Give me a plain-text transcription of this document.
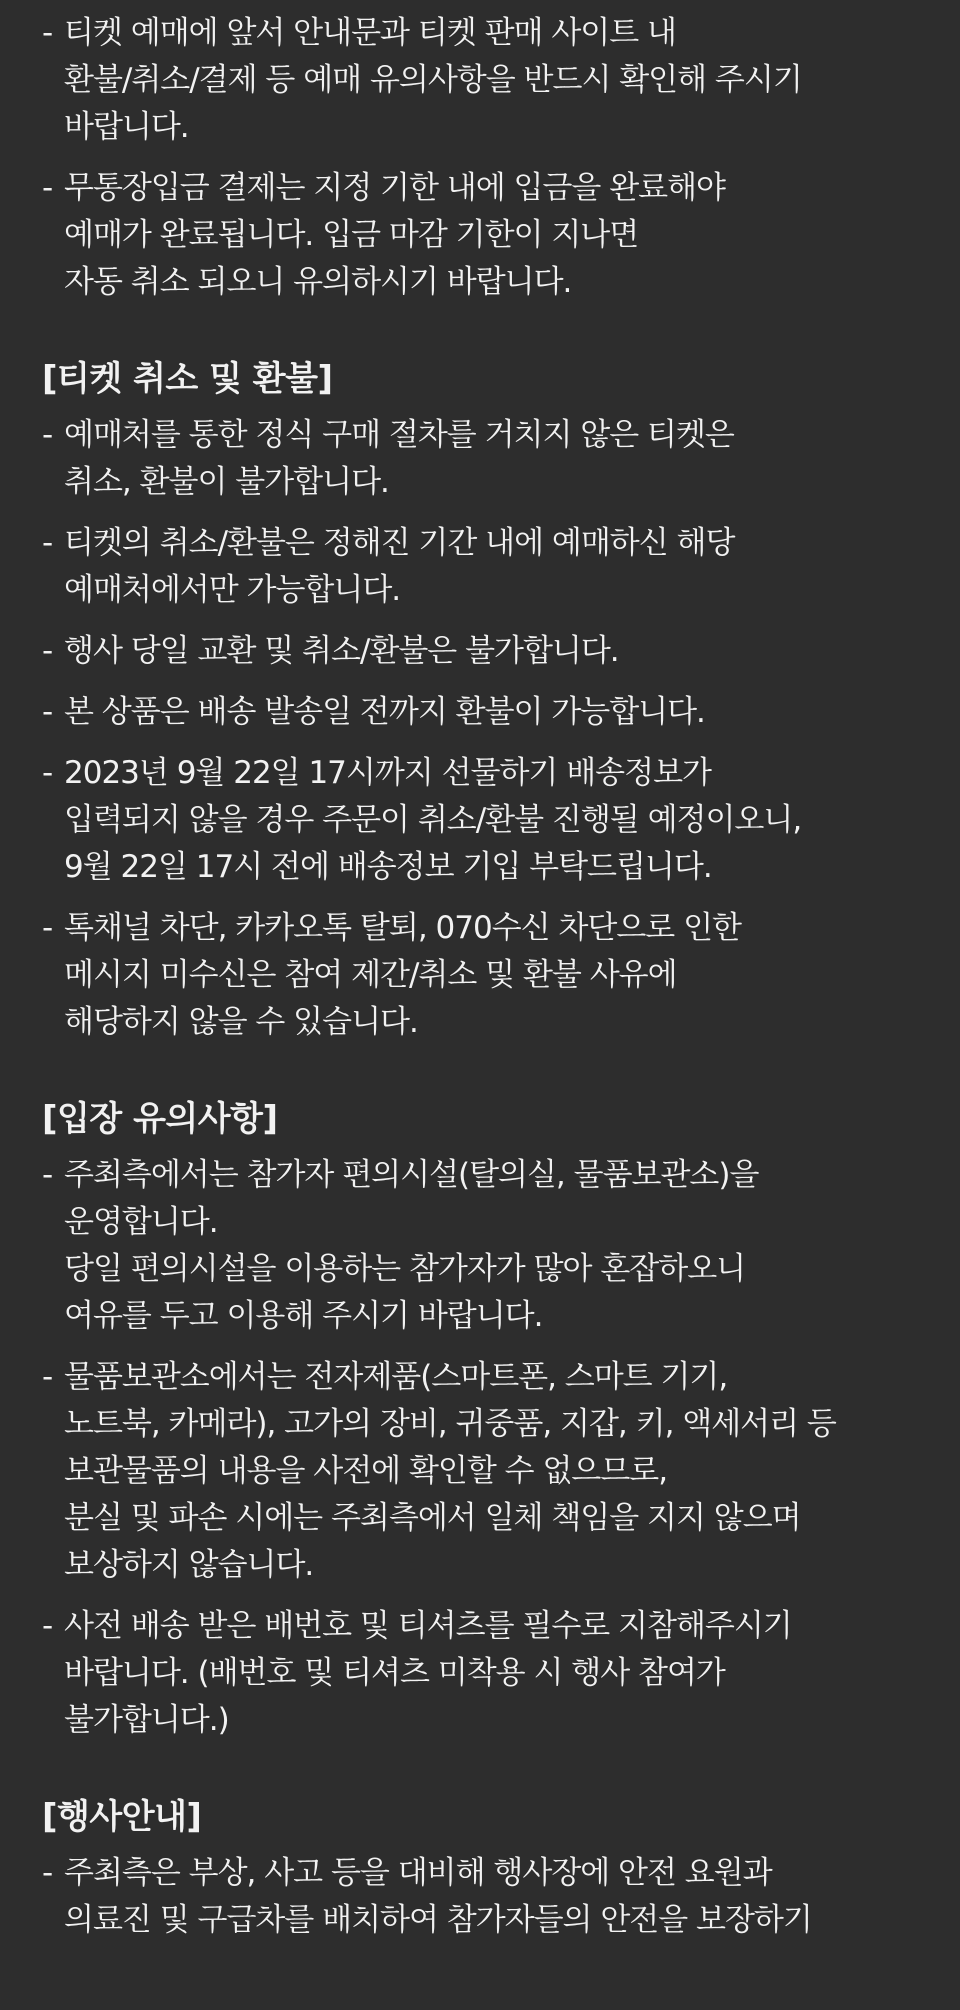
- 티켓 예매에 앞서 안내문과 티켓 판매 사이트 내
환불/취소/결제 등 예매 유의사항을 반드시 확인해 주시기
바랍니다.
- 무통장입금 결제는 지정 기한 내에 입금을 완료해야
예매가 완료됩니다. 입금 마감 기한이 지나면
자동 취소 되오니 유의하시기 바랍니다.
[티켓 취소 및 환불]
- 예매처를 통한 정식 구매 절차를 거치지 않은 티켓은
취소, 환불이 불가합니다.
- 티켓의 취소/환불은 정해진 기간 내에 예매하신 해당
예매처에서만 가능합니다.
- 행사 당일 교환 및 취소/환불은 불가합니다.
- 본 상품은 배송 발송일 전까지 환불이 가능합니다.
- 2023년 9월 22일 17시까지 선물하기 배송정보가
입력되지 않을 경우 주문이 취소/환불 진행될 예정이오니,
9월 22일 17시 전에 배송정보 기입 부탁드립니다.
- 톡채널 차단, 카카오톡 탈퇴, 070수신 차단으로 인한
메시지 미수신은 참여 제간/취소 및 환불 사유에
해당하지 않을 수 있습니다.
[입장 유의사항]
- 주최측에서는 참가자 편의시설(탈의실, 물품보관소)을
운영합니다.
당일 편의시설을 이용하는 참가자가 많아 혼잡하오니
여유를 두고 이용해 주시기 바랍니다.
- 물품보관소에서는 전자제품(스마트폰, 스마트 기기,
노트북, 카메라), 고가의 장비, 귀중품, 지갑, 키, 액세서리 등
보관물품의 내용을 사전에 확인할 수 없으므로,
분실 및 파손 시에는 주최측에서 일체 책임을 지지 않으며
보상하지 않습니다.
- 사전 배송 받은 배번호 및 티셔츠를 필수로 지참해주시기
바랍니다. (배번호 및 티셔츠 미착용 시 행사 참여가
불가합니다.)
[행사안내]
- 주최측은 부상, 사고 등을 대비해 행사장에 안전 요원과
의료진 및 구급차를 배치하여 참가자들의 안전을 보장하기
